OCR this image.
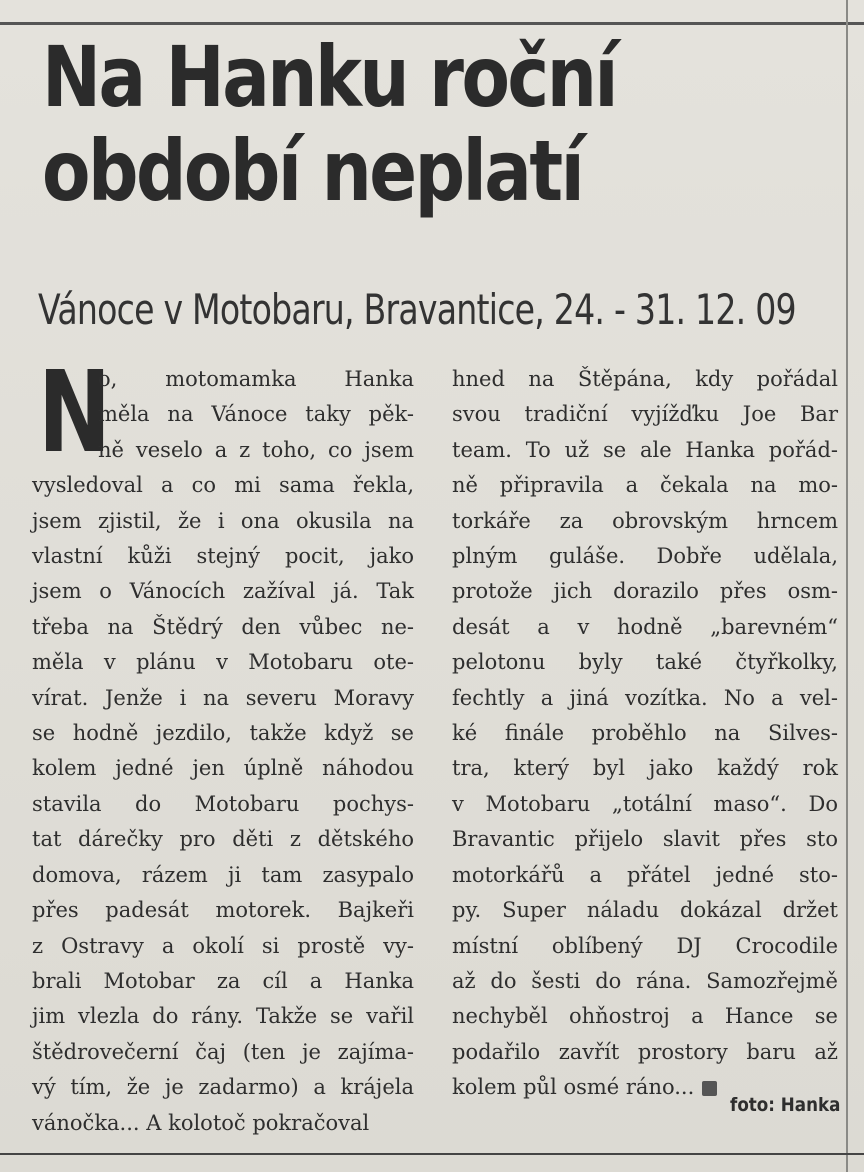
Na Hanku roční
období neplatí
Vánoce v Motobaru, Bravantice, 24. - 31. 12. 09
N
o, motomamka Hanka
měla na Vánoce taky pěk-
ně veselo a z toho, co jsem
vysledoval a co mi sama řekla,
jsem zjistil, že i ona okusila na
vlastní kůži stejný pocit, jako
jsem o Vánocích zažíval já. Tak
třeba na Štědrý den vůbec ne-
měla v plánu v Motobaru ote-
vírat. Jenže i na severu Moravy
se hodně jezdilo, takže když se
kolem jedné jen úplně náhodou
stavila do Motobaru pochys-
tat dárečky pro děti z dětského
domova, rázem ji tam zasypalo
přes padesát motorek. Bajkeři
z Ostravy a okolí si prostě vy-
brali Motobar za cíl a Hanka
jim vlezla do rány. Takže se vařil
štědrovečerní čaj (ten je zajíma-
vý tím, že je zadarmo) a krájela
vánočka... A kolotoč pokračoval
hned na Štěpána, kdy pořádal
svou tradiční vyjížďku Joe Bar
team. To už se ale Hanka pořád-
ně připravila a čekala na mo-
torkáře za obrovským hrncem
plným guláše. Dobře udělala,
protože jich dorazilo přes osm-
desát a v hodně „barevném“
pelotonu byly také čtyřkolky,
fechtly a jiná vozítka. No a vel-
ké finále proběhlo na Silves-
tra, který byl jako každý rok
v Motobaru „totální maso“. Do
Bravantic přijelo slavit přes sto
motorkářů a přátel jedné sto-
py. Super náladu dokázal držet
místní oblíbený DJ Crocodile
až do šesti do rána. Samozřejmě
nechyběl ohňostroj a Hance se
podařilo zavřít prostory baru až
kolem půl osmé ráno...
foto: Hanka
